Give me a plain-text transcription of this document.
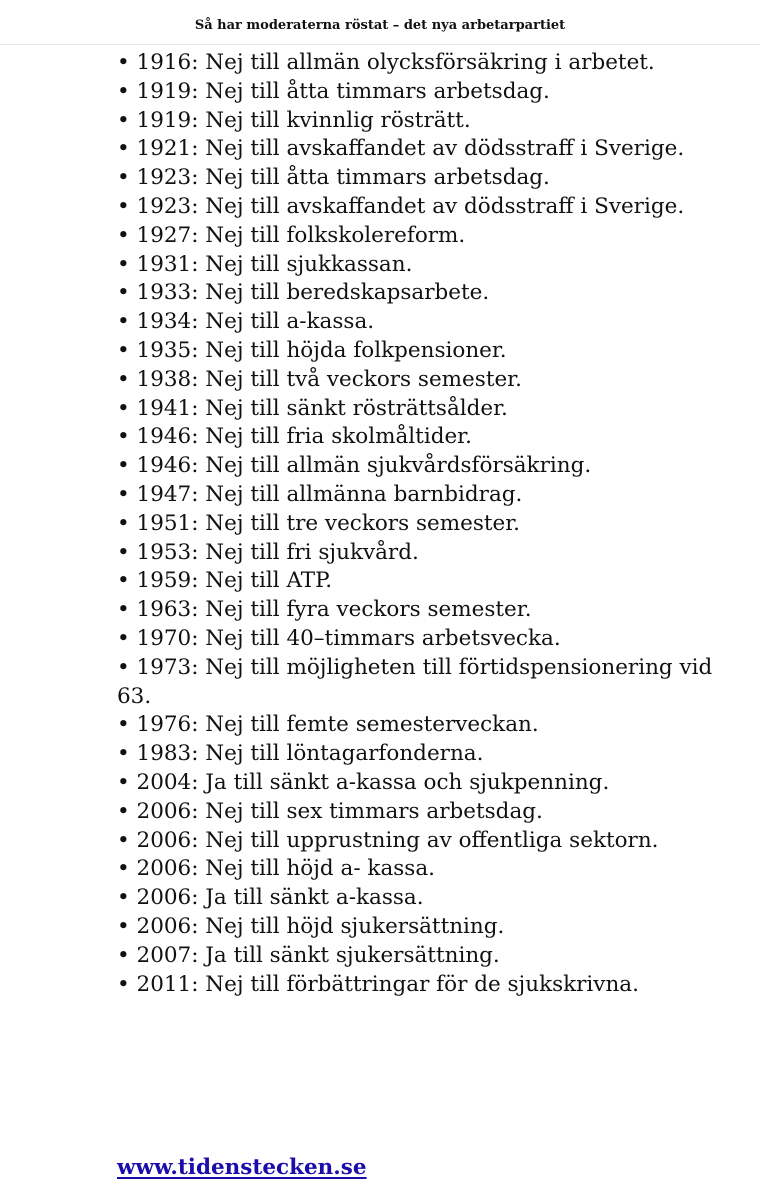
Så har moderaterna röstat – det nya arbetarpartiet
• 1916: Nej till allmän olycksförsäkring i arbetet.
• 1919: Nej till åtta timmars arbetsdag.
• 1919: Nej till kvinnlig rösträtt.
• 1921: Nej till avskaffandet av dödsstraff i Sverige.
• 1923: Nej till åtta timmars arbetsdag.
• 1923: Nej till avskaffandet av dödsstraff i Sverige.
• 1927: Nej till folkskolereform.
• 1931: Nej till sjukkassan.
• 1933: Nej till beredskapsarbete.
• 1934: Nej till a-kassa.
• 1935: Nej till höjda folkpensioner.
• 1938: Nej till två veckors semester.
• 1941: Nej till sänkt rösträttsålder.
• 1946: Nej till fria skolmåltider.
• 1946: Nej till allmän sjukvårdsförsäkring.
• 1947: Nej till allmänna barnbidrag.
• 1951: Nej till tre veckors semester.
• 1953: Nej till fri sjukvård.
• 1959: Nej till ATP.
• 1963: Nej till fyra veckors semester.
• 1970: Nej till 40–timmars arbetsvecka.
• 1973: Nej till möjligheten till förtidspensionering vid 63.
• 1976: Nej till femte semesterveckan.
• 1983: Nej till löntagarfonderna.
• 2004: Ja till sänkt a-kassa och sjukpenning.
• 2006: Nej till sex timmars arbetsdag.
• 2006: Nej till upprustning av offentliga sektorn.
• 2006: Nej till höjd a- kassa.
• 2006: Ja till sänkt a-kassa.
• 2006: Nej till höjd sjukersättning.
• 2007: Ja till sänkt sjukersättning.
• 2011: Nej till förbättringar för de sjukskrivna.
www.tidenstecken.se
